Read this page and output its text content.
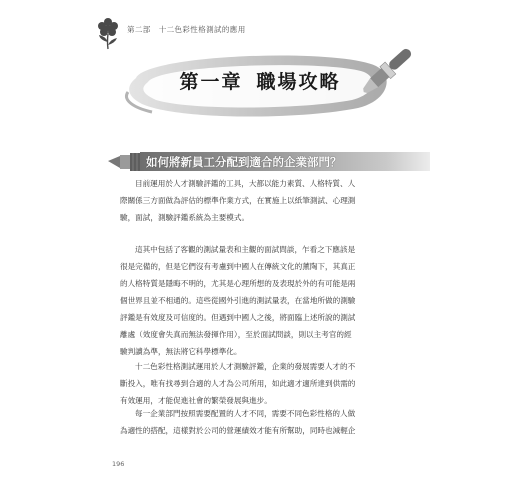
第二部 十二色彩性格測試的應用
第一章 職場攻略
如何將新員工分配到適合的企業部門？
目前運用於人才測驗評鑑的工具，大都以能力素質、人格特質、人
際關係三方面做為評估的標準作業方式，在實施上以紙筆測試、心理測
驗，面試，測驗評鑑系統為主要模式。
這其中包括了客觀的測試量表和主觀的面試問談，乍看之下應該是
很是完備的，但是它們沒有考慮到中國人在傳統文化的薰陶下，其真正
的人格特質是隱晦不明的，尤其是心理所想的及表現於外的有可能是兩
個世界且並不相通的。這些從國外引進的測試量表，在當地所做的測驗
評鑑是有效度及可信度的。但遇到中國人之後，將面臨上述所說的測試
離處（效度會失真而無法發揮作用），至於面試問談，則以主考官的經
驗判讀為準，無法將它科學標準化。
十二色彩性格測試運用於人才測驗評鑑，企業的發展需要人才的不
斷投入，唯有找尋到合適的人才為公司所用，如此適才適所達到供需的
有效運用，才能促進社會的繁榮發展與進步。
每一企業部門按照需要配置的人才不同，需要不同色彩性格的人做
為適性的搭配，這樣對於公司的營運績效才能有所幫助，同時也減輕企
196
